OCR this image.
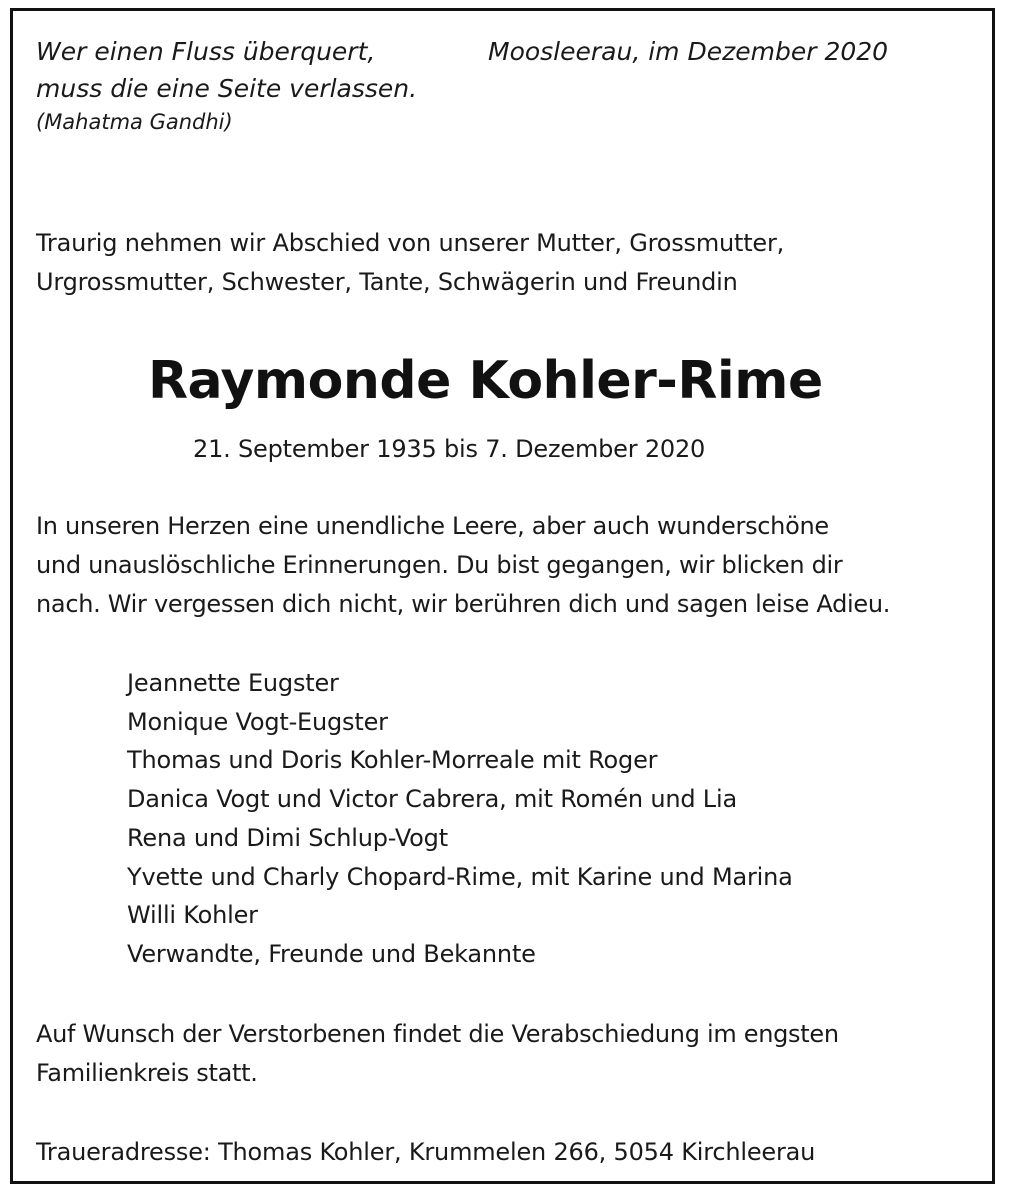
Wer einen Fluss überquert,
muss die eine Seite verlassen.
(Mahatma Gandhi)
Moosleerau, im Dezember 2020
Traurig nehmen wir Abschied von unserer Mutter, Grossmutter,
Urgrossmutter, Schwester, Tante, Schwägerin und Freundin
Raymonde Kohler-Rime
21. September 1935 bis 7. Dezember 2020
In unseren Herzen eine unendliche Leere, aber auch wunderschöne
und unauslöschliche Erinnerungen. Du bist gegangen, wir blicken dir
nach. Wir vergessen dich nicht, wir berühren dich und sagen leise Adieu.
Jeannette Eugster
Monique Vogt-Eugster
Thomas und Doris Kohler-Morreale mit Roger
Danica Vogt und Victor Cabrera, mit Romén und Lia
Rena und Dimi Schlup-Vogt
Yvette und Charly Chopard-Rime, mit Karine und Marina
Willi Kohler
Verwandte, Freunde und Bekannte
Auf Wunsch der Verstorbenen findet die Verabschiedung im engsten
Familienkreis statt.
Traueradresse: Thomas Kohler, Krummelen 266, 5054 Kirchleerau
